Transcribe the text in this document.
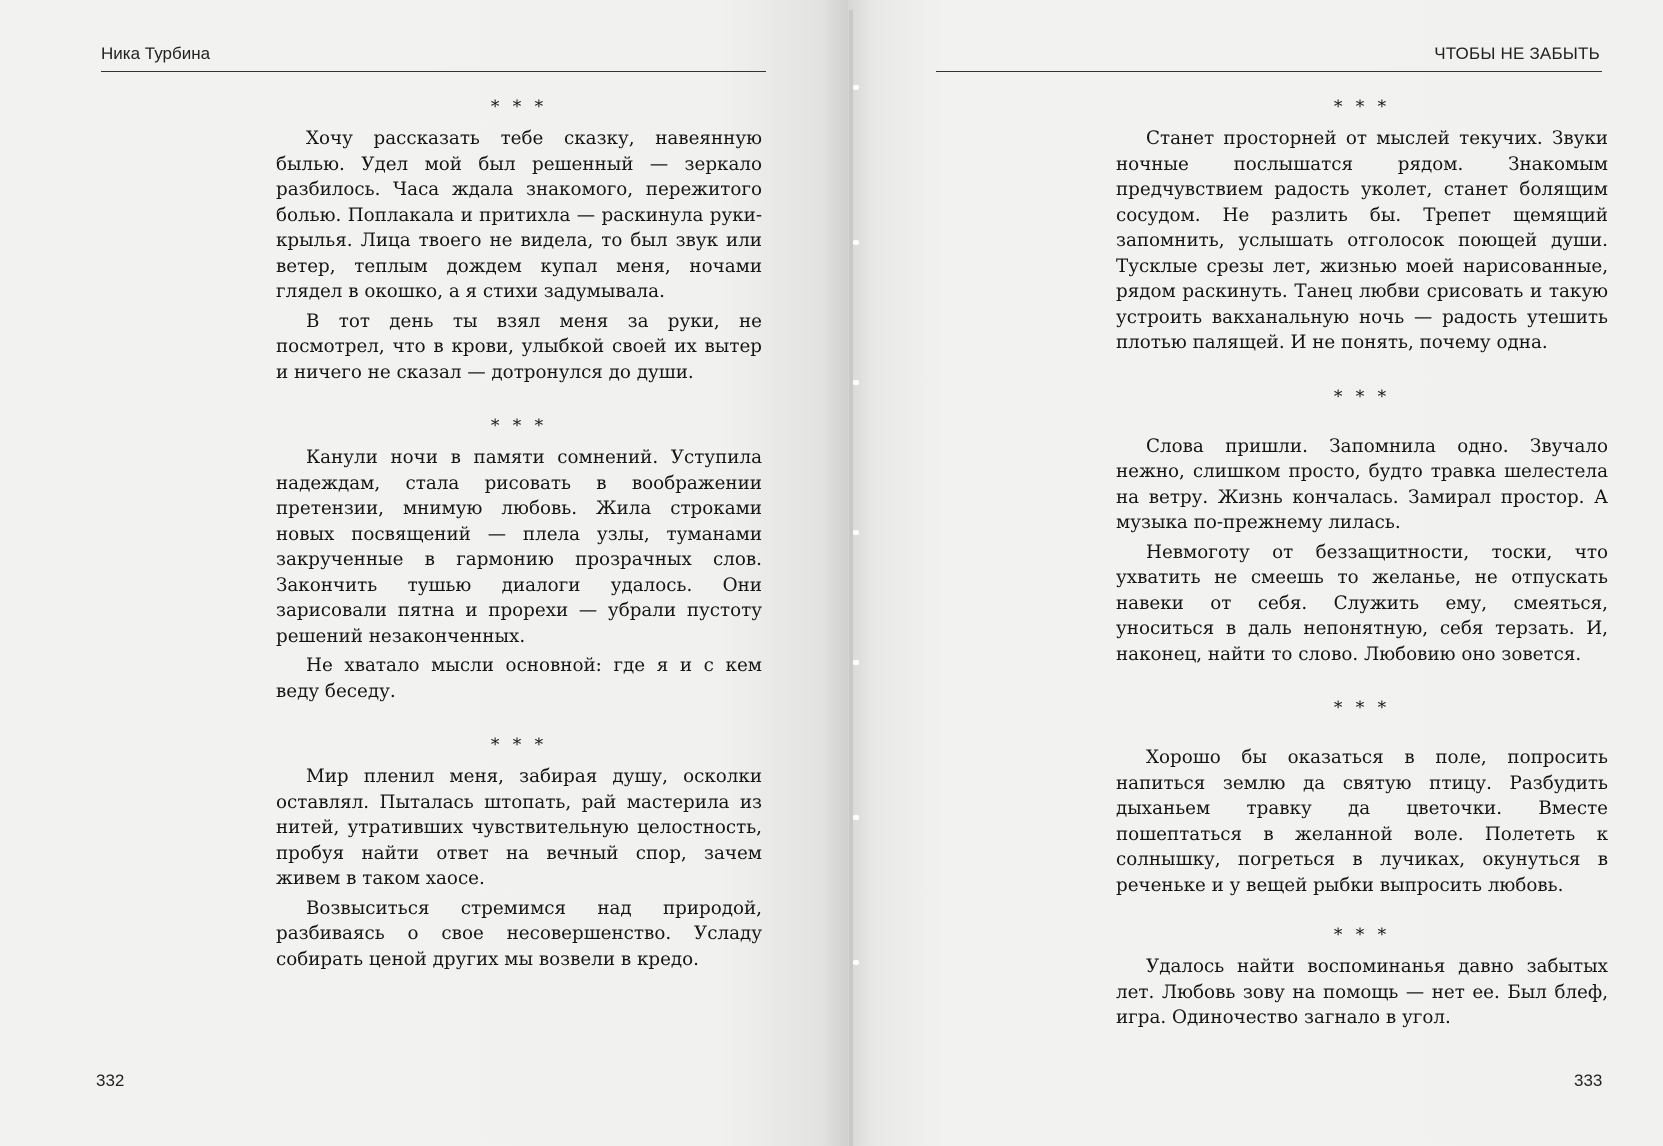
Ника Турбина
* * *

Хочу рассказать тебе сказку, навеянную былью. Удел мой был решенный — зеркало разбилось. Часа ждала знакомого, пережитого болью. Поплакала и притихла — раскинула руки-крылья. Лица твоего не видела, то был звук или ветер, теплым дождем купал меня, ночами глядел в окошко, а я стихи задумывала.

В тот день ты взял меня за руки, не посмотрел, что в крови, улыбкой своей их вытер и ничего не сказал — дотронулся до души.

* * *

Канули ночи в памяти сомнений. Уступила надеждам, стала рисовать в воображении претензии, мнимую любовь. Жила строками новых посвящений — плела узлы, туманами закрученные в гармонию прозрачных слов. Закончить тушью диалоги удалось. Они зарисовали пятна и прорехи — убрали пустоту решений незаконченных.

Не хватало мысли основной: где я и с кем веду беседу.

* * *

Мир пленил меня, забирая душу, осколки оставлял. Пыталась штопать, рай мастерила из нитей, утративших чувствительную целостность, пробуя найти ответ на вечный спор, зачем живем в таком хаосе.

Возвыситься стремимся над природой, разбиваясь о свое несовершенство. Усладу собирать ценой других мы возвели в кредо.

332
ЧТОБЫ НЕ ЗАБЫТЬ
* * *

Станет просторней от мыслей текучих. Звуки ночные послышатся рядом. Знакомым предчувствием радость уколет, станет болящим сосудом. Не разлить бы. Трепет щемящий запомнить, услышать отголосок поющей души. Тусклые срезы лет, жизнью моей нарисованные, рядом раскинуть. Танец любви срисовать и такую устроить вакханальную ночь — радость утешить плотью палящей. И не понять, почему одна.

* * *

Слова пришли. Запомнила одно. Звучало нежно, слишком просто, будто травка шелестела на ветру. Жизнь кончалась. Замирал простор. А музыка по-прежнему лилась.

Невмоготу от беззащитности, тоски, что ухватить не смеешь то желанье, не отпускать навеки от себя. Служить ему, смеяться, уноситься в даль непонятную, себя терзать. И, наконец, найти то слово. Любовию оно зовется.

* * *

Хорошо бы оказаться в поле, попросить напиться землю да святую птицу. Разбудить дыханьем травку да цветочки. Вместе пошептаться в желанной воле. Полететь к солнышку, погреться в лучиках, окунуться в реченьке и у вещей рыбки выпросить любовь.

* * *

Удалось найти воспоминанья давно забытых лет. Любовь зову на помощь — нет ее. Был блеф, игра. Одиночество загнало в угол.

333
